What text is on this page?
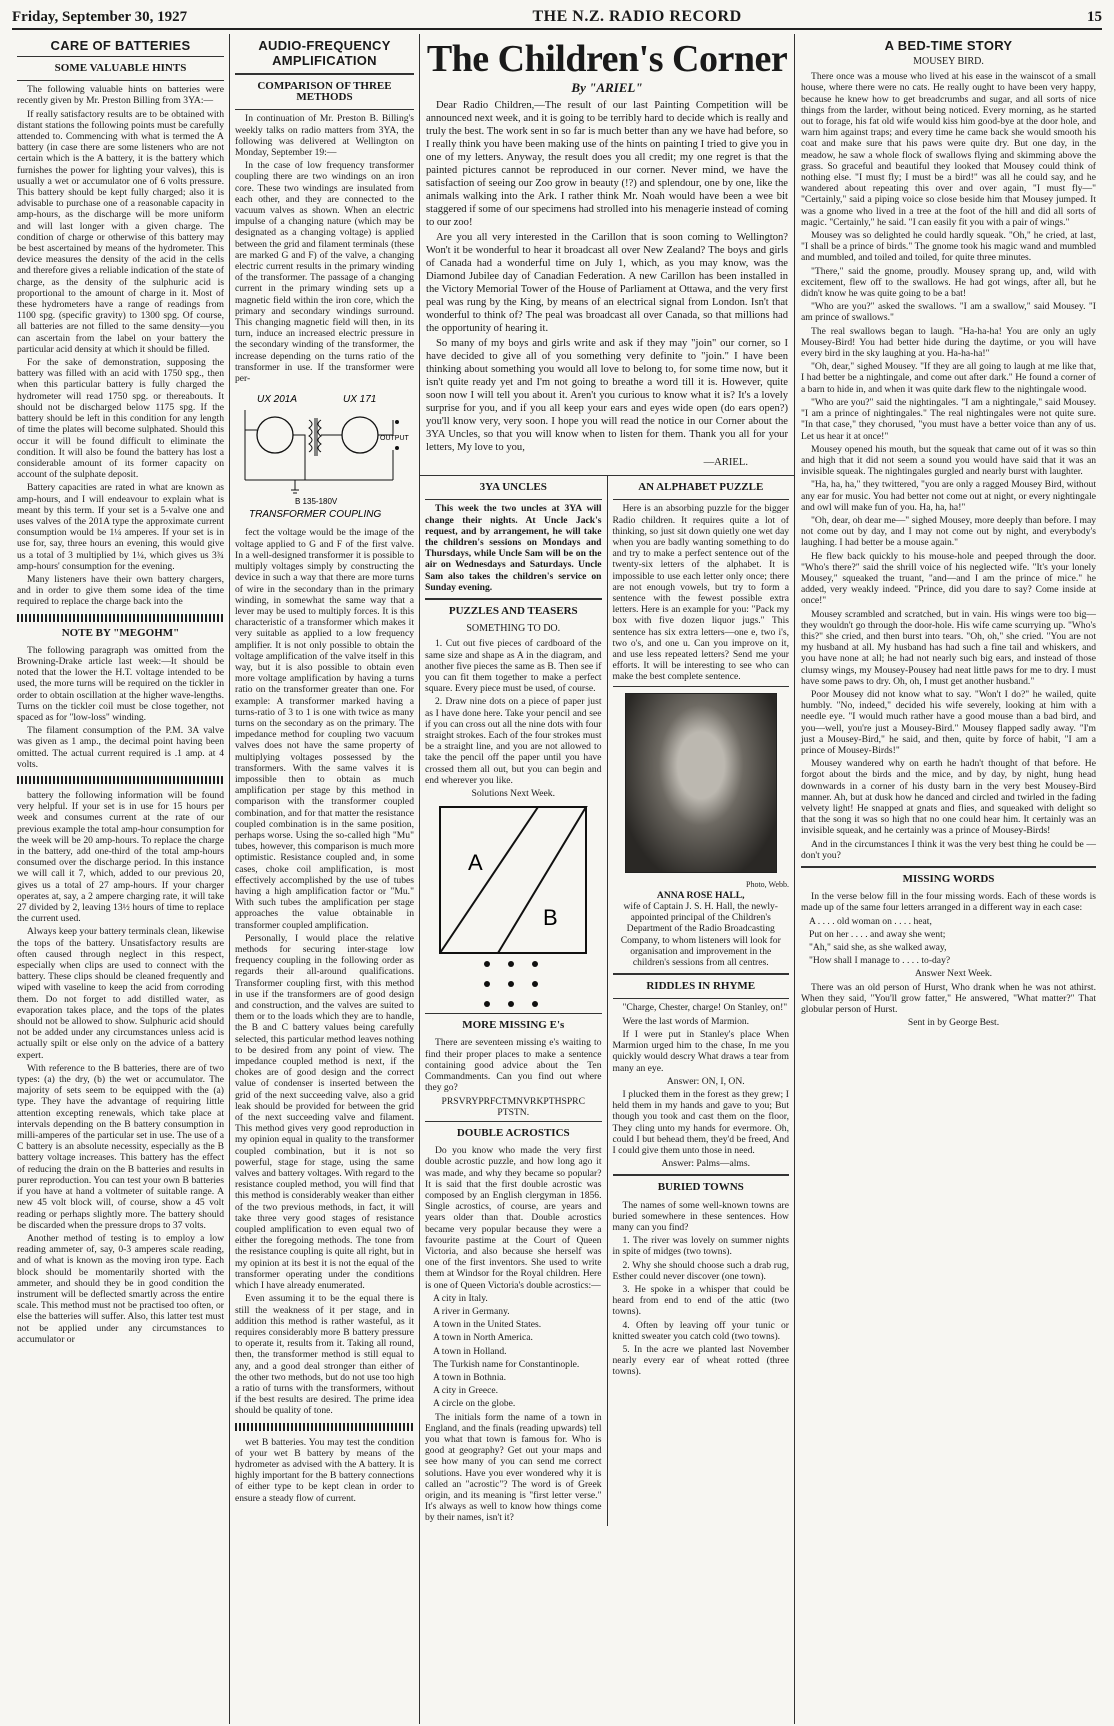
Friday, September 30, 1927	THE N.Z. RADIO RECORD	15
CARE OF BATTERIES
SOME VALUABLE HINTS

The following valuable hints on batteries were recently given by Mr. Preston Billing from 3YA:—

If really satisfactory results are to be obtained with distant stations the following points must be carefully attended to. Commencing with what is termed the A battery (in case there are some listeners who are not certain which is the A battery, it is the battery which furnishes the power for lighting your valves), this is usually a wet or accumulator one of 6 volts pressure. This battery should be kept fully charged; also it is advisable to purchase one of a reasonable capacity in amp-hours, as the discharge will be more uniform and will last longer with a given charge. The condition of charge or otherwise of this battery may be best ascertained by means of the hydrometer. This device measures the density of the acid in the cells and therefore gives a reliable indication of the state of charge, as the density of the sulphuric acid is proportional to the amount of charge in it. Most of these hydrometers have a range of readings from 1100 spg. (specific gravity) to 1300 spg. Of course, all batteries are not filled to the same density—you can ascertain from the label on your battery the particular acid density at which it should be filled.

For the sake of demonstration, supposing the battery was filled with an acid with 1750 spg., then when this particular battery is fully charged the hydrometer will read 1750 spg. or thereabouts. It should not be discharged below 1175 spg. If the battery should be left in this condition for any length of time the plates will become sulphated. Should this occur it will be found difficult to eliminate the condition. It will also be found the battery has lost a considerable amount of its former capacity on account of the sulphate deposit.

Battery capacities are rated in what are known as amp-hours, and I will endeavour to explain what is meant by this term. If your set is a 5-valve one and uses valves of the 201A type the approximate current consumption would be 1¼ amperes. If your set is in use for, say, three hours an evening, this would give us a total of 3 multiplied by 1¼, which gives us 3¾ amp-hours' consumption for the evening.

Many listeners have their own battery chargers, and in order to give them some idea of the time required to replace the charge back into the

NOTE BY "MEGOHM"

The following paragraph was omitted from the Browning-Drake article last week:—It should be noted that the lower the H.T. voltage intended to be used, the more turns will be required on the tickler in order to obtain oscillation at the higher wave-lengths. Turns on the tickler coil must be close together, not spaced as for "low-loss" winding.

The filament consumption of the P.M. 3A valve was given as 1 amp., the decimal point having been omitted. The actual current required is .1 amp. at 4 volts.

battery the following information will be found very helpful. If your set is in use for 15 hours per week and consumes current at the rate of our previous example the total amp-hour consumption for the week will be 20 amp-hours. To replace the charge in the battery, add one-third of the total amp-hours consumed over the discharge period. In this instance we will call it 7, which, added to our previous 20, gives us a total of 27 amp-hours. If your charger operates at, say, a 2 ampere charging rate, it will take 27 divided by 2, leaving 13½ hours of time to replace the current used.

Always keep your battery terminals clean, likewise the tops of the battery. Unsatisfactory results are often caused through neglect in this respect, especially when clips are used to connect with the battery. These clips should be cleaned frequently and wiped with vaseline to keep the acid from corroding them. Do not forget to add distilled water, as evaporation takes place, and the tops of the plates should not be allowed to show. Sulphuric acid should not be added under any circumstances unless acid is actually spilt or else only on the advice of a battery expert.

With reference to the B batteries, there are of two types: (a) the dry, (b) the wet or accumulator. The majority of sets seem to be equipped with the (a) type. They have the advantage of requiring little attention excepting renewals, which take place at intervals depending on the B battery consumption in milli-amperes of the particular set in use. The use of a C battery is an absolute necessity, especially as the B battery voltage increases. This battery has the effect of reducing the drain on the B batteries and results in purer reproduction. You can test your own B batteries if you have at hand a voltmeter of suitable range. A new 45 volt block will, of course, show a 45 volt reading or perhaps slightly more. The battery should be discarded when the pressure drops to 37 volts.

Another method of testing is to employ a low reading ammeter of, say, 0-3 amperes scale reading, and of what is known as the moving iron type. Each block should be momentarily shorted with the ammeter, and should they be in good condition the instrument will be deflected smartly across the entire scale. This method must not be practised too often, or else the batteries will suffer. Also, this latter test must not be applied under any circumstances to accumulator or

AUDIO-FREQUENCY AMPLIFICATION
COMPARISON OF THREE METHODS

In continuation of Mr. Preston B. Billing's weekly talks on radio matters from 3YA, the following was delivered at Wellington on Monday, September 19:—

In the case of low frequency transformer coupling there are two windings on an iron core. These two windings are insulated from each other, and they are connected to the vacuum valves as shown. When an electric impulse of a changing nature (which may be designated as a changing voltage) is applied between the grid and filament terminals (these are marked G and F) of the valve, a changing electric current results in the primary winding of the transformer. The passage of a changing current in the primary winding sets up a magnetic field within the iron core, which the primary and secondary windings surround. This changing magnetic field will then, in its turn, induce an increased electric pressure in the secondary winding of the transformer, the increase depending on the turns ratio of the transformer in use. If the transformer were per-

UX 201A	UX 171
OUTPUT
B 135-180V
TRANSFORMER COUPLING

fect the voltage would be the image of the voltage applied to G and F of the first valve. In a well-designed transformer it is possible to multiply voltages simply by constructing the device in such a way that there are more turns of wire in the secondary than in the primary winding, in somewhat the same way that a lever may be used to multiply forces. It is this characteristic of a transformer which makes it very suitable as applied to a low frequency amplifier. It is not only possible to obtain the voltage amplification of the valve itself in this way, but it is also possible to obtain even more voltage amplification by having a turns ratio on the transformer greater than one. For example: A transformer marked having a turns-ratio of 3 to 1 is one with twice as many turns on the secondary as on the primary. The impedance method for coupling two vacuum valves does not have the same property of multiplying voltages possessed by the transformers. With the same valves it is impossible then to obtain as much amplification per stage by this method in comparison with the transformer coupled combination, and for that matter the resistance coupled combination is in the same position, perhaps worse. Using the so-called high "Mu" tubes, however, this comparison is much more optimistic. Resistance coupled and, in some cases, choke coil amplification, is most effectively accomplished by the use of tubes having a high amplification factor or "Mu." With such tubes the amplification per stage approaches the value obtainable in transformer coupled amplification.

Personally, I would place the relative methods for securing inter-stage low frequency coupling in the following order as regards their all-around qualifications. Transformer coupling first, with this method in use if the transformers are of good design and construction, and the valves are suited to them or to the loads which they are to handle, the B and C battery values being carefully selected, this particular method leaves nothing to be desired from any point of view. The impedance coupled method is next, if the chokes are of good design and the correct value of condenser is inserted between the grid of the next succeeding valve, also a grid leak should be provided for between the grid of the next succeeding valve and filament. This method gives very good reproduction in my opinion equal in quality to the transformer coupled combination, but it is not so powerful, stage for stage, using the same valves and battery voltages. With regard to the resistance coupled method, you will find that this method is considerably weaker than either of the two previous methods, in fact, it will take three very good stages of resistance coupled amplification to even equal two of either the foregoing methods. The tone from the resistance coupling is quite all right, but in my opinion at its best it is not the equal of the transformer operating under the conditions which I have already enumerated.

Even assuming it to be the equal there is still the weakness of it per stage, and in addition this method is rather wasteful, as it requires considerably more B battery pressure to operate it, results from it. Taking all round, then, the transformer method is still equal to any, and a good deal stronger than either of the other two methods, but do not use too high a ratio of turns with the transformers, without if the best results are desired. The prime idea should be quality of tone.

wet B batteries. You may test the condition of your wet B battery by means of the hydrometer as advised with the A battery. It is highly important for the B battery connections of either type to be kept clean in order to ensure a steady flow of current.

The Children's Corner
By "ARIEL"

Dear Radio Children,—The result of our last Painting Competition will be announced next week, and it is going to be terribly hard to decide which is really and truly the best. The work sent in so far is much better than any we have had before, so I really think you have been making use of the hints on painting I tried to give you in one of my letters. Anyway, the result does you all credit; my one regret is that the painted pictures cannot be reproduced in our corner. Never mind, we have the satisfaction of seeing our Zoo grow in beauty (!?) and splendour, one by one, like the animals walking into the Ark. I rather think Mr. Noah would have been a wee bit staggered if some of our specimens had strolled into his menagerie instead of coming to our zoo!

Are you all very interested in the Carillon that is soon coming to Wellington? Won't it be wonderful to hear it broadcast all over New Zealand? The boys and girls of Canada had a wonderful time on July 1, which, as you may know, was the Diamond Jubilee day of Canadian Federation. A new Carillon has been installed in the Victory Memorial Tower of the House of Parliament at Ottawa, and the very first peal was rung by the King, by means of an electrical signal from London. Isn't that wonderful to think of? The peal was broadcast all over Canada, so that millions had the opportunity of hearing it.

So many of my boys and girls write and ask if they may "join" our corner, so I have decided to give all of you something very definite to "join." I have been thinking about something you would all love to belong to, for some time now, but it isn't quite ready yet and I'm not going to breathe a word till it is. However, quite soon now I will tell you about it. Aren't you curious to know what it is? It's a lovely surprise for you, and if you all keep your ears and eyes wide open (do ears open?) you'll know very, very soon. I hope you will read the notice in our Corner about the 3YA Uncles, so that you will know when to listen for them. Thank you all for your letters, My love to you,

—ARIEL.

3YA UNCLES

This week the two uncles at 3YA will change their nights. At Uncle Jack's request, and by arrangement, he will take the children's sessions on Mondays and Thursdays, while Uncle Sam will be on the air on Wednesdays and Saturdays. Uncle Sam also takes the children's service on Sunday evening.

PUZZLES AND TEASERS
SOMETHING TO DO.

1. Cut out five pieces of cardboard of the same size and shape as A in the diagram, and another five pieces the same as B. Then see if you can fit them together to make a perfect square. Every piece must be used, of course.

2. Draw nine dots on a piece of paper just as I have done here. Take your pencil and see if you can cross out all the nine dots with four straight strokes. Each of the four strokes must be a straight line, and you are not allowed to take the pencil off the paper until you have crossed them all out, but you can begin and end wherever you like.

Solutions Next Week.
A
B
MORE MISSING E's

There are seventeen missing e's waiting to find their proper places to make a sentence containing good advice about the Ten Commandments. Can you find out where they go?

PRSVRYPRFCTMNVRKPTHSPRC PTSTN.

DOUBLE ACROSTICS

Do you know who made the very first double acrostic puzzle, and how long ago it was made, and why they became so popular? It is said that the first double acrostic was composed by an English clergyman in 1856. Single acrostics, of course, are years and years older than that. Double acrostics became very popular because they were a favourite pastime at the Court of Queen Victoria, and also because she herself was one of the first inventors. She used to write them at Windsor for the Royal children. Here is one of Queen Victoria's double acrostics:—

A city in Italy.

A river in Germany.

A town in the United States.

A town in North America.

A town in Holland.

The Turkish name for Constantinople.

A town in Bothnia.

A city in Greece.

A circle on the globe.

The initials form the name of a town in England, and the finals (reading upwards) tell you what that town is famous for. Who is good at geography? Get out your maps and see how many of you can send me correct solutions. Have you ever wondered why it is called an "acrostic"? The word is of Greek origin, and its meaning is "first letter verse." It's always as well to know how things come by their names, isn't it?

AN ALPHABET PUZZLE

Here is an absorbing puzzle for the bigger Radio children. It requires quite a lot of thinking, so just sit down quietly one wet day when you are badly wanting something to do and try to make a perfect sentence out of the twenty-six letters of the alphabet. It is impossible to use each letter only once; there are not enough vowels, but try to form a sentence with the fewest possible extra letters. Here is an example for you: "Pack my box with five dozen liquor jugs." This sentence has six extra letters—one e, two i's, two o's, and one u. Can you improve on it, and use less repeated letters? Send me your efforts. It will be interesting to see who can make the best complete sentence.

Photo, Webb.
ANNA ROSE HALL,

wife of Captain J. S. H. Hall, the newly-appointed principal of the Children's Department of the Radio Broadcasting Company, to whom listeners will look for organisation and improvement in the children's sessions from all centres.

RIDDLES IN RHYME

"Charge, Chester, charge! On Stanley, on!"

Were the last words of Marmion.

If I were put in Stanley's place When Marmion urged him to the chase, In me you quickly would descry What draws a tear from many an eye.

Answer: ON, I, ON.

I plucked them in the forest as they grew; I held them in my hands and gave to you; But though you took and cast them on the floor, They cling unto my hands for evermore. Oh, could I but behead them, they'd be freed, And I could give them unto those in need.

Answer: Palms—alms.

BURIED TOWNS

The names of some well-known towns are buried somewhere in these sentences. How many can you find?

1. The river was lovely on summer nights in spite of midges (two towns).

2. Why she should choose such a drab rug, Esther could never discover (one town).

3. He spoke in a whisper that could be heard from end to end of the attic (two towns).

4. Often by leaving off your tunic or knitted sweater you catch cold (two towns).

5. In the acre we planted last November nearly every ear of wheat rotted (three towns).

A BED-TIME STORY
MOUSEY BIRD.

There once was a mouse who lived at his ease in the wainscot of a small house, where there were no cats. He really ought to have been very happy, because he knew how to get breadcrumbs and sugar, and all sorts of nice things from the larder, without being noticed. Every morning, as he started out to forage, his fat old wife would kiss him good-bye at the door hole, and warn him against traps; and every time he came back she would smooth his coat and make sure that his paws were quite dry. But one day, in the meadow, he saw a whole flock of swallows flying and skimming above the grass. So graceful and beautiful they looked that Mousey could think of nothing else. "I must fly; I must be a bird!" was all he could say, and he wandered about repeating this over and over again, "I must fly—" "Certainly," said a piping voice so close beside him that Mousey jumped. It was a gnome who lived in a tree at the foot of the hill and did all sorts of magic. "Certainly," he said. "I can easily fit you with a pair of wings."

Mousey was so delighted he could hardly squeak. "Oh," he cried, at last, "I shall be a prince of birds." The gnome took his magic wand and mumbled and mumbled, and toiled and toiled, for quite three minutes.

"There," said the gnome, proudly. Mousey sprang up, and, wild with excitement, flew off to the swallows. He had got wings, after all, but he didn't know he was quite going to be a bat!

"Who are you?" asked the swallows. "I am a swallow," said Mousey. "I am prince of swallows."

The real swallows began to laugh. "Ha-ha-ha! You are only an ugly Mousey-Bird! You had better hide during the daytime, or you will have every bird in the sky laughing at you. Ha-ha-ha!"

"Oh, dear," sighed Mousey. "If they are all going to laugh at me like that, I had better be a nightingale, and come out after dark." He found a corner of a barn to hide in, and when it was quite dark flew to the nightingale wood.

"Who are you?" said the nightingales. "I am a nightingale," said Mousey. "I am a prince of nightingales." The real nightingales were not quite sure. "In that case," they chorused, "you must have a better voice than any of us. Let us hear it at once!"

Mousey opened his mouth, but the squeak that came out of it was so thin and high that it did not seem a sound you would have said that it was an invisible squeak. The nightingales gurgled and nearly burst with laughter.

"Ha, ha, ha," they twittered, "you are only a ragged Mousey Bird, without any ear for music. You had better not come out at night, or every nightingale and owl will make fun of you. Ha, ha, ha!"

"Oh, dear, oh dear me—" sighed Mousey, more deeply than before. I may not come out by day, and I may not come out by night, and everybody's laughing. I had better be a mouse again."

He flew back quickly to his mouse-hole and peeped through the door. "Who's there?" said the shrill voice of his neglected wife. "It's your lonely Mousey," squeaked the truant, "and—and I am the prince of mice." he added, very weakly indeed. "Prince, did you dare to say? Come inside at once!"

Mousey scrambled and scratched, but in vain. His wings were too big—they wouldn't go through the door-hole. His wife came scurrying up. "Who's this?" she cried, and then burst into tears. "Oh, oh," she cried. "You are not my husband at all. My husband has had such a fine tail and whiskers, and you have none at all; he had not nearly such big ears, and instead of those clumsy wings, my Mousey-Pousey had neat little paws for me to dry. I must have some paws to dry. Oh, oh, I must get another husband."

Poor Mousey did not know what to say. "Won't I do?" he wailed, quite humbly. "No, indeed," decided his wife severely, looking at him with a needle eye. "I would much rather have a good mouse than a bad bird, and you—well, you're just a Mousey-Bird." Mousey flapped sadly away. "I'm just a Mousey-Bird," he said, and then, quite by force of habit, "I am a prince of Mousey-Birds!"

Mousey wandered why on earth he hadn't thought of that before. He forgot about the birds and the mice, and by day, by night, hung head downwards in a corner of his dusty barn in the very best Mousey-Bird manner. Ah, but at dusk how he danced and circled and twirled in the fading velvety light! He snapped at gnats and flies, and squeaked with delight so that the song it was so high that no one could hear him. It certainly was an invisible squeak, and he certainly was a prince of Mousey-Birds!

And in the circumstances I think it was the very best thing he could be —don't you?

MISSING WORDS

In the verse below fill in the four missing words. Each of these words is made up of the same four letters arranged in a different way in each case:

A . . . . old woman on . . . . heat,

Put on her . . . . and away she went;

"Ah," said she, as she walked away,

"How shall I manage to . . . . to-day?

Answer Next Week.

There was an old person of Hurst, Who drank when he was not athirst. When they said, "You'll grow fatter," He answered, "What matter?" That globular person of Hurst.

Sent in by George Best.
